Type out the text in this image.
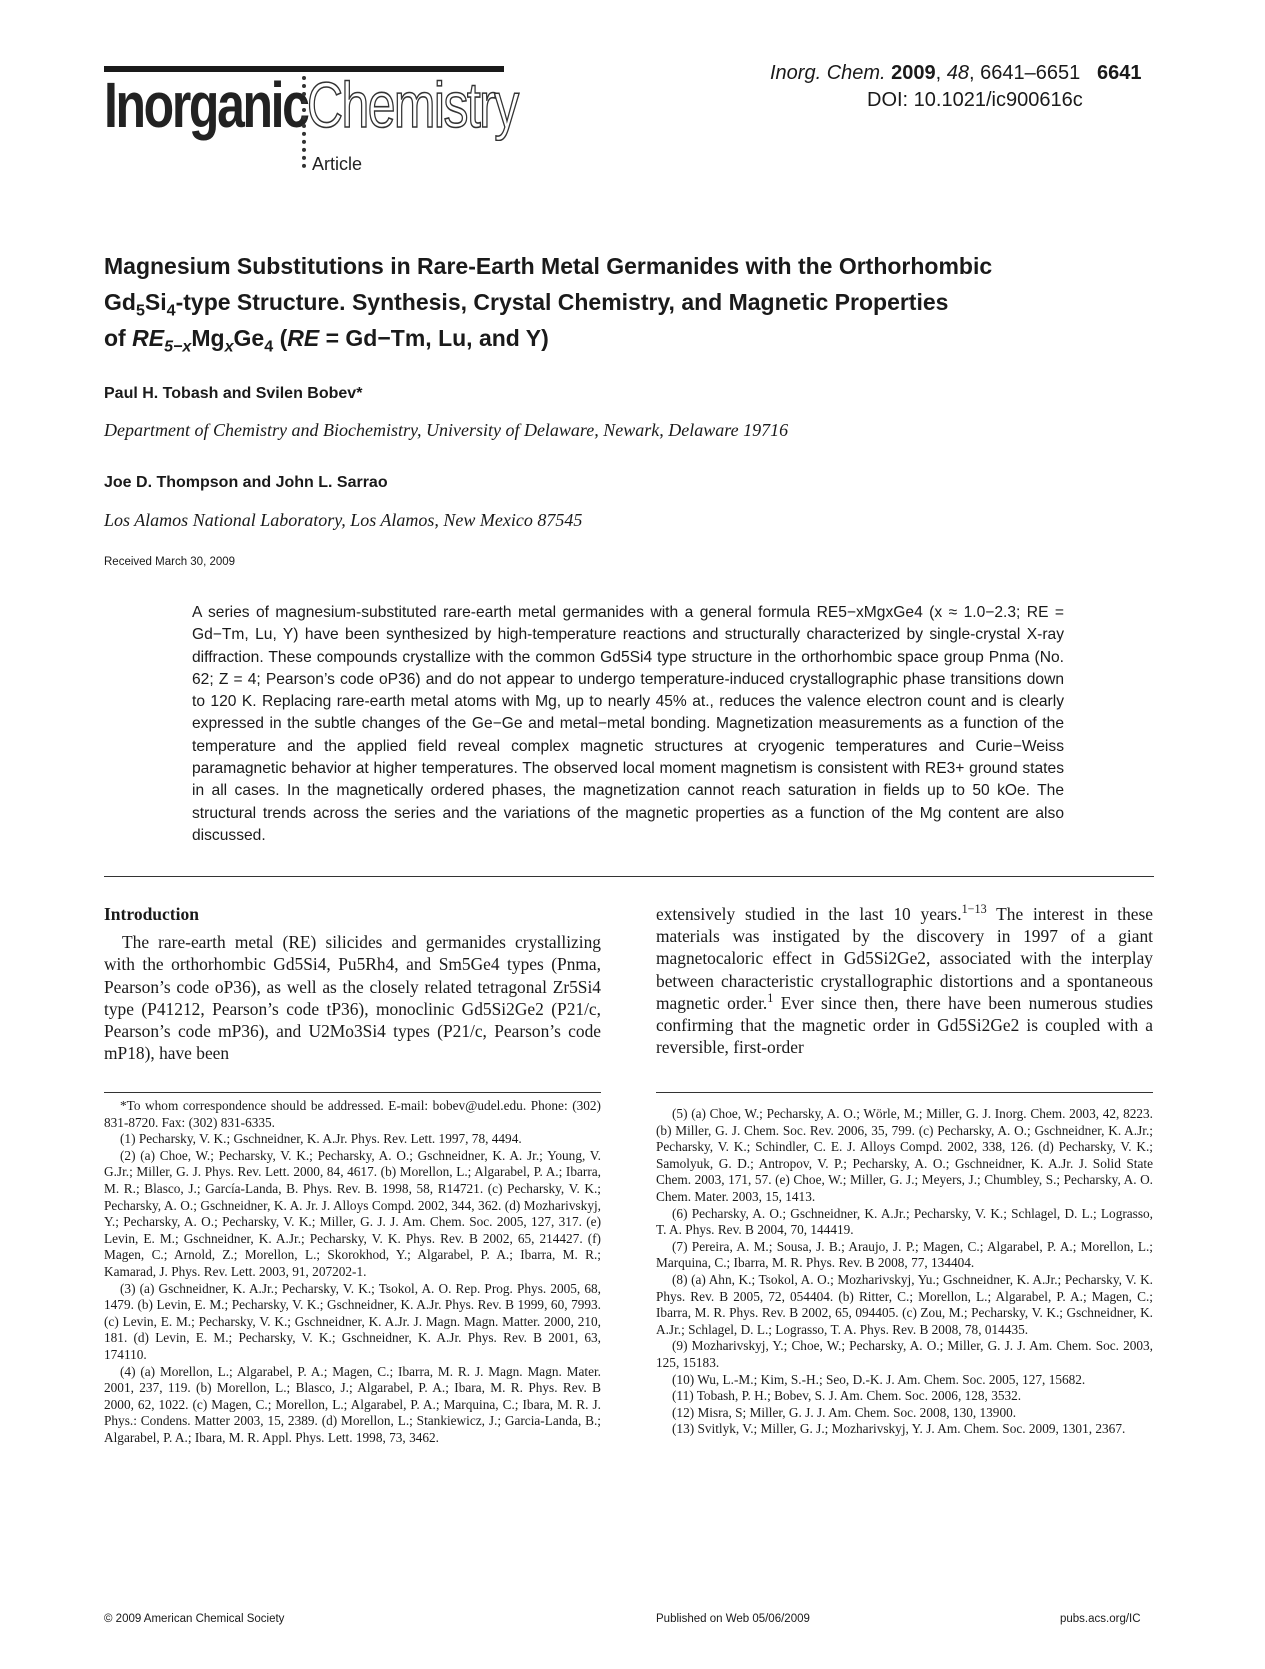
Inorganic Chemistry
Article
Inorg. Chem. 2009, 48, 6641–6651 6641
DOI: 10.1021/ic900616c
Magnesium Substitutions in Rare-Earth Metal Germanides with the Orthorhombic
$Gd_5Si_4$-type Structure. Synthesis, Crystal Chemistry, and Magnetic Properties
of $RE_{5-x}Mg_xGe_4$ (RE = Gd−Tm, Lu, and Y)
Paul H. Tobash and Svilen Bobev*
Department of Chemistry and Biochemistry, University of Delaware, Newark, Delaware 19716
Joe D. Thompson and John L. Sarrao
Los Alamos National Laboratory, Los Alamos, New Mexico 87545
Received March 30, 2009
A series of magnesium-substituted rare-earth metal germanides with a general formula RE5−xMgxGe4 (x ≈ 1.0−2.3; RE = Gd−Tm, Lu, Y) have been synthesized by high-temperature reactions and structurally characterized by single-crystal X-ray diffraction. These compounds crystallize with the common Gd5Si4 type structure in the orthorhombic space group Pnma (No. 62; Z = 4; Pearson’s code oP36) and do not appear to undergo temperature-induced crystallographic phase transitions down to 120 K. Replacing rare-earth metal atoms with Mg, up to nearly 45% at., reduces the valence electron count and is clearly expressed in the subtle changes of the Ge−Ge and metal−metal bonding. Magnetization measurements as a function of the temperature and the applied field reveal complex magnetic structures at cryogenic temperatures and Curie−Weiss paramagnetic behavior at higher temperatures. The observed local moment magnetism is consistent with RE3+ ground states in all cases. In the magnetically ordered phases, the magnetization cannot reach saturation in fields up to 50 kOe. The structural trends across the series and the variations of the magnetic properties as a function of the Mg content are also discussed.
Introduction

The rare-earth metal (RE) silicides and germanides crystallizing with the orthorhombic Gd5Si4, Pu5Rh4, and Sm5Ge4 types (Pnma, Pearson’s code oP36), as well as the closely related tetragonal Zr5Si4 type (P41212, Pearson’s code tP36), monoclinic Gd5Si2Ge2 (P21/c, Pearson’s code mP36), and U2Mo3Si4 types (P21/c, Pearson’s code mP18), have been

extensively studied in the last 10 years.$^{1-13}$ The interest in these materials was instigated by the discovery in 1997 of a giant magnetocaloric effect in Gd5Si2Ge2, associated with the interplay between characteristic crystallographic distortions and a spontaneous magnetic order.$^1$ Ever since then, there have been numerous studies confirming that the magnetic order in Gd5Si2Ge2 is coupled with a reversible, first-order

*To whom correspondence should be addressed. E-mail: bobev@udel.edu. Phone: (302) 831-8720. Fax: (302) 831-6335.

(1) Pecharsky, V. K.; Gschneidner, K. A.Jr. Phys. Rev. Lett. 1997, 78, 4494.

(2) (a) Choe, W.; Pecharsky, V. K.; Pecharsky, A. O.; Gschneidner, K. A. Jr.; Young, V. G.Jr.; Miller, G. J. Phys. Rev. Lett. 2000, 84, 4617. (b) Morellon, L.; Algarabel, P. A.; Ibarra, M. R.; Blasco, J.; García-Landa, B. Phys. Rev. B. 1998, 58, R14721. (c) Pecharsky, V. K.; Pecharsky, A. O.; Gschneidner, K. A. Jr. J. Alloys Compd. 2002, 344, 362. (d) Mozharivskyj, Y.; Pecharsky, A. O.; Pecharsky, V. K.; Miller, G. J. J. Am. Chem. Soc. 2005, 127, 317. (e) Levin, E. M.; Gschneidner, K. A.Jr.; Pecharsky, V. K. Phys. Rev. B 2002, 65, 214427. (f) Magen, C.; Arnold, Z.; Morellon, L.; Skorokhod, Y.; Algarabel, P. A.; Ibarra, M. R.; Kamarad, J. Phys. Rev. Lett. 2003, 91, 207202-1.

(3) (a) Gschneidner, K. A.Jr.; Pecharsky, V. K.; Tsokol, A. O. Rep. Prog. Phys. 2005, 68, 1479. (b) Levin, E. M.; Pecharsky, V. K.; Gschneidner, K. A.Jr. Phys. Rev. B 1999, 60, 7993. (c) Levin, E. M.; Pecharsky, V. K.; Gschneidner, K. A.Jr. J. Magn. Magn. Matter. 2000, 210, 181. (d) Levin, E. M.; Pecharsky, V. K.; Gschneidner, K. A.Jr. Phys. Rev. B 2001, 63, 174110.

(4) (a) Morellon, L.; Algarabel, P. A.; Magen, C.; Ibarra, M. R. J. Magn. Magn. Mater. 2001, 237, 119. (b) Morellon, L.; Blasco, J.; Algarabel, P. A.; Ibara, M. R. Phys. Rev. B 2000, 62, 1022. (c) Magen, C.; Morellon, L.; Algarabel, P. A.; Marquina, C.; Ibara, M. R. J. Phys.: Condens. Matter 2003, 15, 2389. (d) Morellon, L.; Stankiewicz, J.; Garcia-Landa, B.; Algarabel, P. A.; Ibara, M. R. Appl. Phys. Lett. 1998, 73, 3462.

(5) (a) Choe, W.; Pecharsky, A. O.; Wörle, M.; Miller, G. J. Inorg. Chem. 2003, 42, 8223. (b) Miller, G. J. Chem. Soc. Rev. 2006, 35, 799. (c) Pecharsky, A. O.; Gschneidner, K. A.Jr.; Pecharsky, V. K.; Schindler, C. E. J. Alloys Compd. 2002, 338, 126. (d) Pecharsky, V. K.; Samolyuk, G. D.; Antropov, V. P.; Pecharsky, A. O.; Gschneidner, K. A.Jr. J. Solid State Chem. 2003, 171, 57. (e) Choe, W.; Miller, G. J.; Meyers, J.; Chumbley, S.; Pecharsky, A. O. Chem. Mater. 2003, 15, 1413.

(6) Pecharsky, A. O.; Gschneidner, K. A.Jr.; Pecharsky, V. K.; Schlagel, D. L.; Lograsso, T. A. Phys. Rev. B 2004, 70, 144419.

(7) Pereira, A. M.; Sousa, J. B.; Araujo, J. P.; Magen, C.; Algarabel, P. A.; Morellon, L.; Marquina, C.; Ibarra, M. R. Phys. Rev. B 2008, 77, 134404.

(8) (a) Ahn, K.; Tsokol, A. O.; Mozharivskyj, Yu.; Gschneidner, K. A.Jr.; Pecharsky, V. K. Phys. Rev. B 2005, 72, 054404. (b) Ritter, C.; Morellon, L.; Algarabel, P. A.; Magen, C.; Ibarra, M. R. Phys. Rev. B 2002, 65, 094405. (c) Zou, M.; Pecharsky, V. K.; Gschneidner, K. A.Jr.; Schlagel, D. L.; Lograsso, T. A. Phys. Rev. B 2008, 78, 014435.

(9) Mozharivskyj, Y.; Choe, W.; Pecharsky, A. O.; Miller, G. J. J. Am. Chem. Soc. 2003, 125, 15183.

(10) Wu, L.-M.; Kim, S.-H.; Seo, D.-K. J. Am. Chem. Soc. 2005, 127, 15682.

(11) Tobash, P. H.; Bobev, S. J. Am. Chem. Soc. 2006, 128, 3532.

(12) Misra, S; Miller, G. J. J. Am. Chem. Soc. 2008, 130, 13900.

(13) Svitlyk, V.; Miller, G. J.; Mozharivskyj, Y. J. Am. Chem. Soc. 2009, 1301, 2367.

© 2009 American Chemical Society	Published on Web 05/06/2009	pubs.acs.org/IC
